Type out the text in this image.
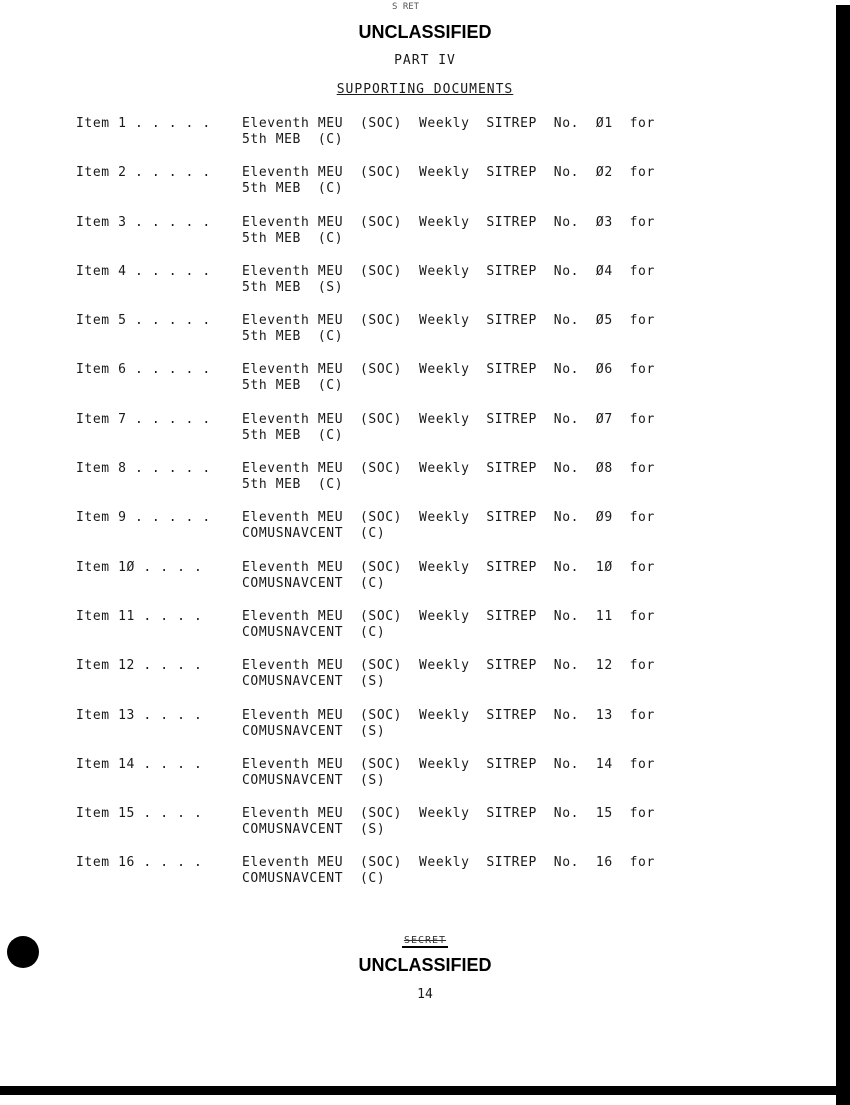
S RET
UNCLASSIFIED
PART IV
SUPPORTING DOCUMENTS
Item 1 . . . . .	Eleventh MEU  (SOC)  Weekly  SITREP  No.  Ø1  for
5th MEB  (C)
Item 2 . . . . .	Eleventh MEU  (SOC)  Weekly  SITREP  No.  Ø2  for
5th MEB  (C)
Item 3 . . . . .	Eleventh MEU  (SOC)  Weekly  SITREP  No.  Ø3  for
5th MEB  (C)
Item 4 . . . . .	Eleventh MEU  (SOC)  Weekly  SITREP  No.  Ø4  for
5th MEB  (S)
Item 5 . . . . .	Eleventh MEU  (SOC)  Weekly  SITREP  No.  Ø5  for
5th MEB  (C)
Item 6 . . . . .	Eleventh MEU  (SOC)  Weekly  SITREP  No.  Ø6  for
5th MEB  (C)
Item 7 . . . . .	Eleventh MEU  (SOC)  Weekly  SITREP  No.  Ø7  for
5th MEB  (C)
Item 8 . . . . .	Eleventh MEU  (SOC)  Weekly  SITREP  No.  Ø8  for
5th MEB  (C)
Item 9 . . . . .	Eleventh MEU  (SOC)  Weekly  SITREP  No.  Ø9  for
COMUSNAVCENT  (C)
Item 1Ø . . . .	Eleventh MEU  (SOC)  Weekly  SITREP  No.  1Ø  for
COMUSNAVCENT  (C)
Item 11 . . . .	Eleventh MEU  (SOC)  Weekly  SITREP  No.  11  for
COMUSNAVCENT  (C)
Item 12 . . . .	Eleventh MEU  (SOC)  Weekly  SITREP  No.  12  for
COMUSNAVCENT  (S)
Item 13 . . . .	Eleventh MEU  (SOC)  Weekly  SITREP  No.  13  for
COMUSNAVCENT  (S)
Item 14 . . . .	Eleventh MEU  (SOC)  Weekly  SITREP  No.  14  for
COMUSNAVCENT  (S)
Item 15 . . . .	Eleventh MEU  (SOC)  Weekly  SITREP  No.  15  for
COMUSNAVCENT  (S)
Item 16 . . . .	Eleventh MEU  (SOC)  Weekly  SITREP  No.  16  for
COMUSNAVCENT  (C)
SECRET
UNCLASSIFIED
14
